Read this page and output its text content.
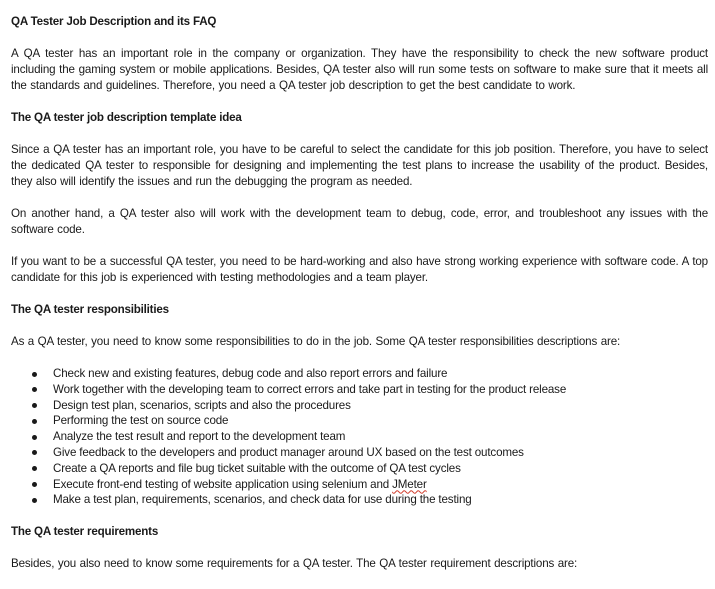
QA Tester Job Description and its FAQ

A QA tester has an important role in the company or organization. They have the responsibility to check the new software product including the gaming system or mobile applications. Besides, QA tester also will run some tests on software to make sure that it meets all the standards and guidelines. Therefore, you need a QA tester job description to get the best candidate to work.

The QA tester job description template idea

Since a QA tester has an important role, you have to be careful to select the candidate for this job position. Therefore, you have to select the dedicated QA tester to responsible for designing and implementing the test plans to increase the usability of the product. Besides, they also will identify the issues and run the debugging the program as needed.

On another hand, a QA tester also will work with the development team to debug, code, error, and troubleshoot any issues with the software code.

If you want to be a successful QA tester, you need to be hard-working and also have strong working experience with software code. A top candidate for this job is experienced with testing methodologies and a team player.

The QA tester responsibilities

As a QA tester, you need to know some responsibilities to do in the job. Some QA tester responsibilities descriptions are:

Check new and existing features, debug code and also report errors and failure
Work together with the developing team to correct errors and take part in testing for the product release
Design test plan, scenarios, scripts and also the procedures
Performing the test on source code
Analyze the test result and report to the development team
Give feedback to the developers and product manager around UX based on the test outcomes
Create a QA reports and file bug ticket suitable with the outcome of QA test cycles
Execute front-end testing of website application using selenium and JMeter
Make a test plan, requirements, scenarios, and check data for use during the testing
The QA tester requirements

Besides, you also need to know some requirements for a QA tester. The QA tester requirement descriptions are:
